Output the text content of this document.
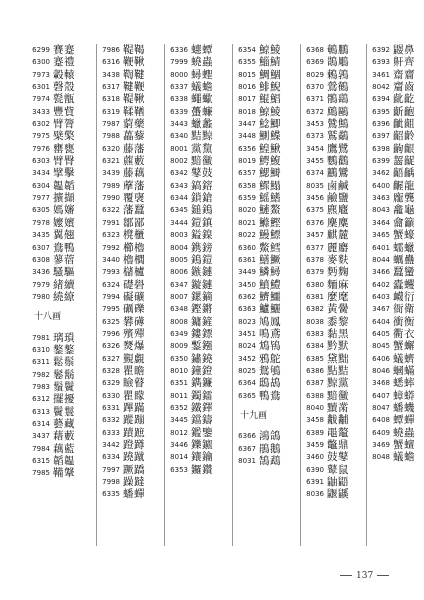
6299 賽蹇
6300 蹇禮
7973 轂轅
6301 磬殼
7974 甏甑
3433 豐貲
6302 臂膂
7975 檗檠
7976 罋甕
6303 臂臀
3434 擘擊
6304 韞韜
7977 擴擷
6305 媽嬸
7978 嬤嬪
3435 翼翹
6307 鴦鴨
6308 蓼蓿
3436 騷驅
7979 緒續
7980 繞繚
十八画
7981 璃瑣
6310 鏊鏊
6311 鬆鬃
7982 鬈鬍
7983 鬚鬢
6312 擺擾
6313 鬢鬟
6314 藝藏
3437 藉藪
7984 藕藍
6315 韜韞
7985 鞴鞶
7986 鞮鞨
6316 鞭鞦
3438 鞫鞬
6317 鞬鞭
6318 鞮鞦
6319 鞣鞧
7987 藭藥
7988 藟藜
6320 藤藩
6321 藨藪
3439 藤藕
7989 藦藩
7990 覆襃
6322 藩蠶
7991 鄒鄙
6323 櫈櫃
7992 櫛櫓
3440 櫓櫚
7993 櫧櫨
6324 礎礐
7994 礙礦
7995 礪礫
6325 礬礡
7996 殯殫
6326 燹爆
6327 覲覷
6328 瞿瞻
6329 瞼瞽
6330 瞿矇
6331 蹕蹣
6332 蹤蹦
6333 蹟蹠
3442 蹬蹲
6334 蹺蹴
7997 蹶蹻
7998 躁躂
6335 蟠蟬
6336 蟪蟫
7999 蟯蟲
8000 蟳蟶
6337 蟻蟾
6338 蠅蠍
6339 蠆蠊
3443 蠟蠡
6340 黠黥
8001 黨黧
8002 黯黴
6342 鼕鼓
6343 鎬鎔
6344 鎖鎗
6345 鎚鎢
3444 鎧鎮
8003 鎰鎳
8004 鎸鎊
8005 鎢鎧
8006 鏃鏈
6347 鏇鏈
8007 鏍鏑
6348 鏗鏘
8008 鏞鏟
6349 鏤鏢
8009 鏨鏹
6350 鏽鐃
8010 鐘鐙
6351 鐫鐮
8011 鐲鐳
6352 鐵鐸
3445 鐺鑄
8012 鑑鑒
3446 鑠鑣
8014 鑲鑰
6353 鑼鑽
6354 鯨鯪
6355 鯔鯖
8015 鯛鯝
8016 鯡鯢
8017 鯤鯧
8018 鯨鯪
3447 鯰鯽
3448 鰂鰈
6356 鰉鰍
8019 鰐鰒
6357 鰓鰣
6358 鰥鰨
6359 鰩鰭
8020 鰱鰲
8021 鰷鰹
8022 鰻鰾
6360 鱉鱈
6361 鱔鱖
3449 鱗鱘
3450 鱝鱧
6362 鱭鱷
6363 鱸鱺
8023 鳩鳳
3451 鳴鳶
8024 鴆鴇
3452 鴉鴕
8025 鴛鴝
6364 鴟鴣
6365 鴨鴦
十九画
6366 鴻鴿
6367 鵑鵝
8031 鵠鵡
6368 鵪鵬
6369 鵲鵰
8029 鶇鶉
6370 鶯鶴
6371 鶻鷂
6372 鷓鷗
3453 鷥鷦
6373 鷲鷸
3454 鷹鷺
3455 鸚鸛
6374 鸝鸞
8035 鹵鹹
3456 鹼鹽
6375 麃麅
6376 麇麋
3457 麒麓
6377 麗麝
6378 麥麩
6379 麪麴
6380 麵麻
6381 麼麾
6382 黃黌
8038 黍黎
6383 黏黑
6384 黔默
6385 黛黜
6386 點黠
6387 黥黨
6388 黯黴
8040 黷黹
3458 黻黼
6389 黽鼇
3459 鼈鼎
3460 鼓鼕
6390 鼙鼠
6391 鼬鼯
8036 鼴鼷
6392 鼹鼻
6393 鼾齊
3461 齋齎
8042 齏齒
6394 齔齕
6395 齗齙
6396 齜齟
6397 齠齡
6398 齣齦
6399 齧齪
3462 齬齲
6400 齷龍
3463 龐龔
8043 龕龜
3464 龠籲
3465 蟹蠔
6401 蠕蠟
8044 蠣蠱
3466 蠶蠻
6402 蠹蠼
6403 衊衍
3467 衙衛
6404 衝衡
6405 衢衣
8045 蟹蠏
6406 蟻蠐
8046 蟈蟎
3468 蟋蟀
6407 蟑蟒
8047 蟠蟣
6408 蟫蟬
6409 蟯蟲
3469 蟹蟺
8048 蟻蟾
137
